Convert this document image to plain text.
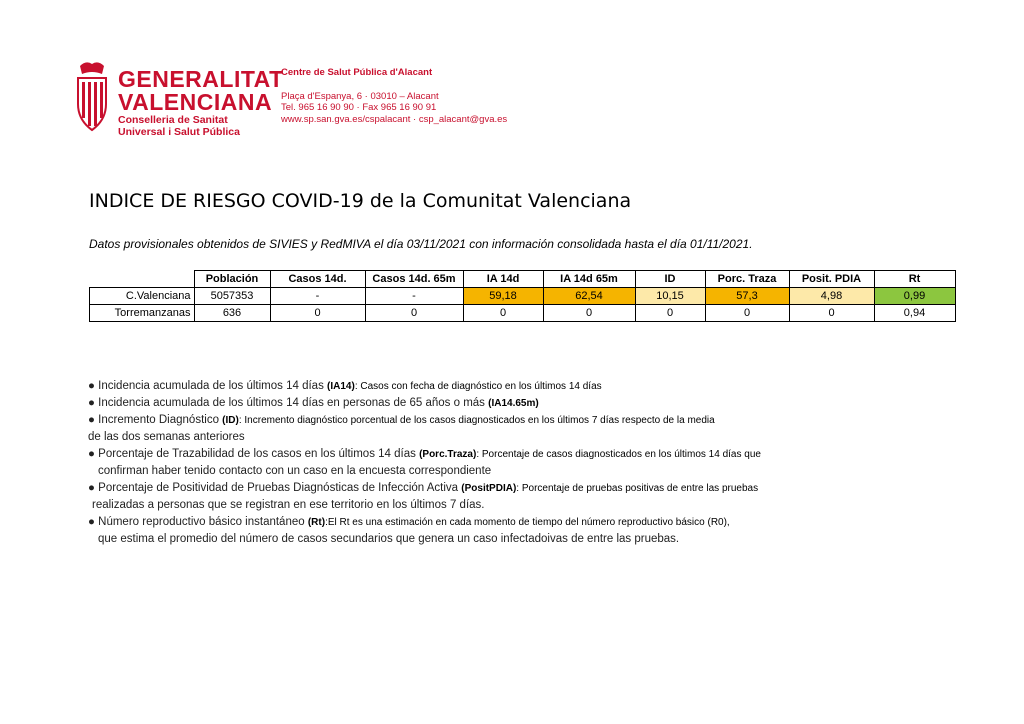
GENERALITAT
VALENCIANA
Conselleria de Sanitat
Universal i Salut Pública
Centre de Salut Pública d'Alacant
Plaça d'Espanya, 6 · 03010 – Alacant
Tel. 965 16 90 90 · Fax 965 16 90 91
www.sp.san.gva.es/cspalacant · csp_alacant@gva.es
INDICE DE RIESGO COVID-19 de la Comunitat Valenciana
Datos provisionales obtenidos de SIVIES y RedMIVA el día 03/11/2021 con información consolidada hasta el día 01/11/2021.
	Población	Casos 14d.	Casos 14d. 65m	IA 14d	IA 14d 65m	ID	Porc. Traza	Posit. PDIA	Rt
C.Valenciana	5057353	-	-	59,18	62,54	10,15	57,3	4,98	0,99
Torremanzanas	636	0	0	0	0	0	0	0	0,94
● Incidencia acumulada de los últimos 14 días (IA14): Casos con fecha de diagnóstico en los últimos 14 días
● Incidencia acumulada de los últimos 14 días en personas de 65 años o más (IA14.65m)
● Incremento Diagnóstico (ID): Incremento diagnóstico porcentual de los casos diagnosticados en los últimos 7 días respecto de la media
de las dos semanas anteriores
● Porcentaje de Trazabilidad de los casos en los últimos 14 días (Porc.Traza): Porcentaje de casos diagnosticados en los últimos 14 días que
confirman haber tenido contacto con un caso en la encuesta correspondiente
● Porcentaje de Positividad de Pruebas Diagnósticas de Infección Activa (PositPDIA): Porcentaje de pruebas positivas de entre las pruebas
realizadas a personas que se registran en ese territorio en los últimos 7 días.
● Número reproductivo básico instantáneo (Rt):El Rt es una estimación en cada momento de tiempo del número reproductivo básico (R0),
que estima el promedio del número de casos secundarios que genera un caso infectadoivas de entre las pruebas.
